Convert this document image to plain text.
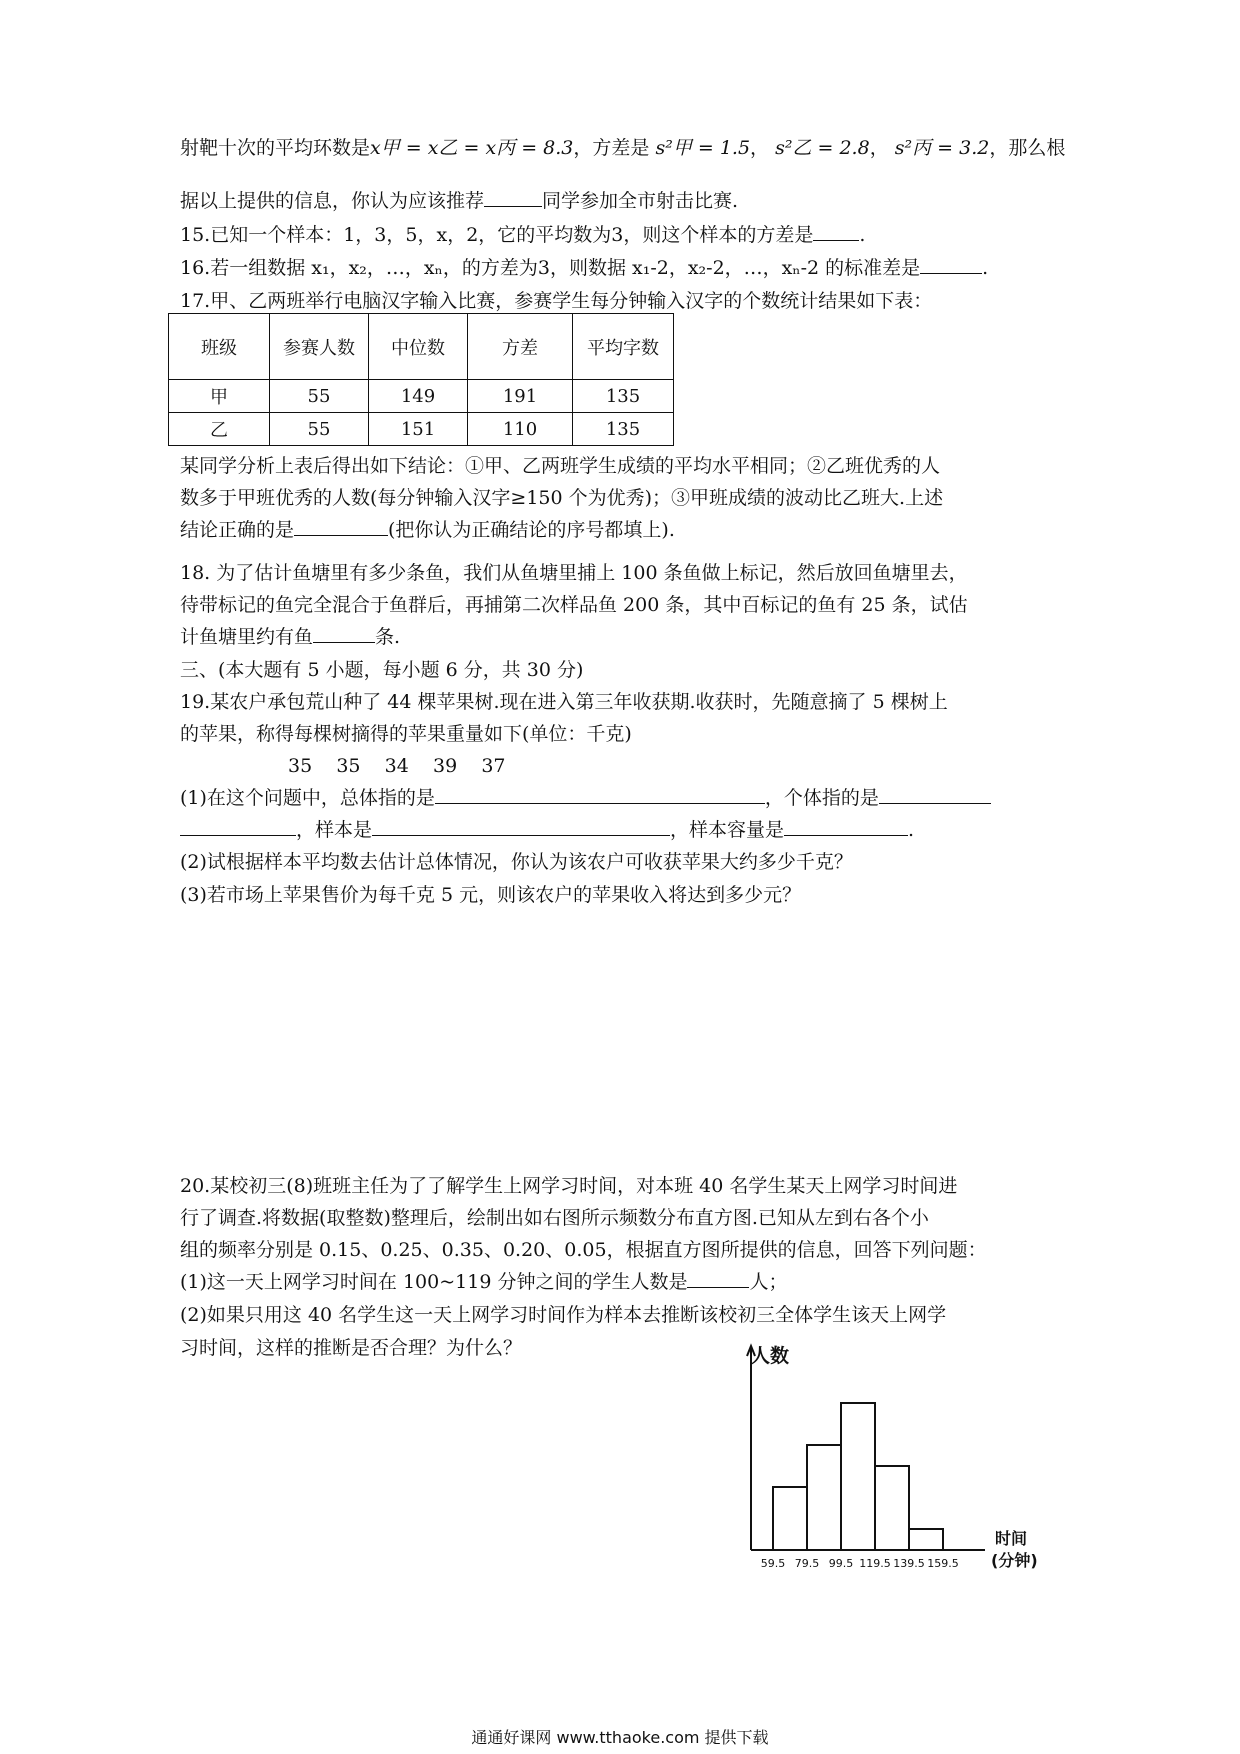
射靶十次的平均环数是x甲 = x乙 = x丙 = 8.3，方差是 s²甲 = 1.5， s²乙 = 2.8， s²丙 = 3.2，那么根
据以上提供的信息，你认为应该推荐	同学参加全市射击比赛.
15.已知一个样本：1，3，5，x，2，它的平均数为3，则这个样本的方差是 .
16.若一组数据 x₁，x₂，…，xₙ，的方差为3，则数据 x₁-2，x₂-2，…，xₙ-2 的标准差是	.
17.甲、乙两班举行电脑汉字输入比赛，参赛学生每分钟输入汉字的个数统计结果如下表：
班级	参赛人数	中位数	方差	平均字数
甲	55	149	191	135
乙	55	151	110	135
某同学分析上表后得出如下结论：①甲、乙两班学生成绩的平均水平相同；②乙班优秀的人
数多于甲班优秀的人数(每分钟输入汉字≥150 个为优秀)；③甲班成绩的波动比乙班大.上述
结论正确的是	(把你认为正确结论的序号都填上).
18. 为了估计鱼塘里有多少条鱼，我们从鱼塘里捕上 100 条鱼做上标记，然后放回鱼塘里去，
待带标记的鱼完全混合于鱼群后，再捕第二次样品鱼 200 条，其中百标记的鱼有 25 条，试估
计鱼塘里约有鱼	条.
三、(本大题有 5 小题，每小题 6 分，共 30 分)
19.某农户承包荒山种了 44 棵苹果树.现在进入第三年收获期.收获时，先随意摘了 5 棵树上
的苹果，称得每棵树摘得的苹果重量如下(单位：千克)
35    35    34    39    37
(1)在这个问题中，总体指的是	，个体指的是
，样本是	，样本容量是	.
(2)试根据样本平均数去估计总体情况，你认为该农户可收获苹果大约多少千克？
(3)若市场上苹果售价为每千克 5 元，则该农户的苹果收入将达到多少元？
20.某校初三(8)班班主任为了了解学生上网学习时间，对本班 40 名学生某天上网学习时间进
行了调查.将数据(取整数)整理后，绘制出如右图所示频数分布直方图.已知从左到右各个小
组的频率分别是 0.15、0.25、0.35、0.20、0.05，根据直方图所提供的信息，回答下列问题：
(1)这一天上网学习时间在 100~119 分钟之间的学生人数是	人；
(2)如果只用这 40 名学生这一天上网学习时间作为样本去推断该校初三全体学生该天上网学
习时间，这样的推断是否合理？为什么？
59.5 79.5 99.5 119.5 139.5 159.5
人数
时间(分钟)
通通好课网 www.tthaoke.com 提供下载
